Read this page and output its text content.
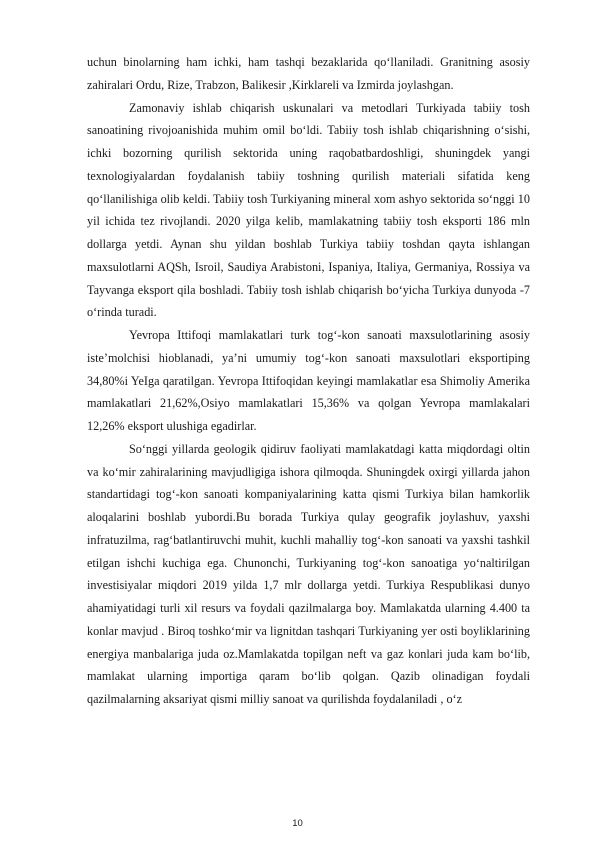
uchun binolarning ham ichki, ham tashqi bezaklarida qo‘llaniladi. Granitning asosiy zahiralari Ordu, Rize, Trabzon, Balikesir ,Kirklareli va Izmirda joylashgan.

Zamonaviy ishlab chiqarish uskunalari va metodlari Turkiyada tabiiy tosh sanoatining rivojoanishida muhim omil bo‘ldi. Tabiiy tosh ishlab chiqarishning o‘sishi, ichki bozorning qurilish sektorida uning raqobatbardoshligi, shuningdek yangi texnologiyalardan foydalanish tabiiy toshning qurilish materiali sifatida keng qo‘llanilishiga olib keldi. Tabiiy tosh Turkiyaning mineral xom ashyo sektorida so‘nggi 10 yil ichida tez rivojlandi. 2020 yilga kelib, mamlakatning tabiiy tosh eksporti 186 mln dollarga yetdi. Aynan shu yildan boshlab Turkiya tabiiy toshdan qayta ishlangan maxsulotlarni AQSh, Isroil, Saudiya Arabistoni, Ispaniya, Italiya, Germaniya, Rossiya va Tayvanga eksport qila boshladi. Tabiiy tosh ishlab chiqarish bo‘yicha Turkiya dunyoda -7 o‘rinda turadi.

Yevropa Ittifoqi mamlakatlari turk tog‘-kon sanoati maxsulotlarining asosiy iste’molchisi hioblanadi, ya’ni umumiy tog‘-kon sanoati maxsulotlari eksportiping 34,80%i YeIga qaratilgan. Yevropa Ittifoqidan keyingi mamlakatlar esa Shimoliy Amerika mamlakatlari 21,62%,Osiyo mamlakatlari 15,36% va qolgan Yevropa mamlakalari 12,26% eksport ulushiga egadirlar.

So‘nggi yillarda geologik qidiruv faoliyati mamlakatdagi katta miqdordagi oltin va ko‘mir zahiralarining mavjudligiga ishora qilmoqda. Shuningdek oxirgi yillarda jahon standartidagi tog‘-kon sanoati kompaniyalarining katta qismi Turkiya bilan hamkorlik aloqalarini boshlab yubordi.Bu borada Turkiya qulay geografik joylashuv, yaxshi infratuzilma, rag‘batlantiruvchi muhit, kuchli mahalliy tog‘-kon sanoati va yaxshi tashkil etilgan ishchi kuchiga ega. Chunonchi, Turkiyaning tog‘-kon sanoatiga yo‘naltirilgan investisiyalar miqdori 2019 yilda 1,7 mlr dollarga yetdi. Turkiya Respublikasi dunyo ahamiyatidagi turli xil resurs va foydali qazilmalarga boy. Mamlakatda ularning 4.400 ta konlar mavjud . Biroq toshko‘mir va lignitdan tashqari Turkiyaning yer osti boyliklarining energiya manbalariga juda oz.Mamlakatda topilgan neft va gaz konlari juda kam bo‘lib, mamlakat ularning importiga qaram bo‘lib qolgan. Qazib olinadigan foydali qazilmalarning aksariyat qismi milliy sanoat va qurilishda foydalaniladi , o‘z

10
